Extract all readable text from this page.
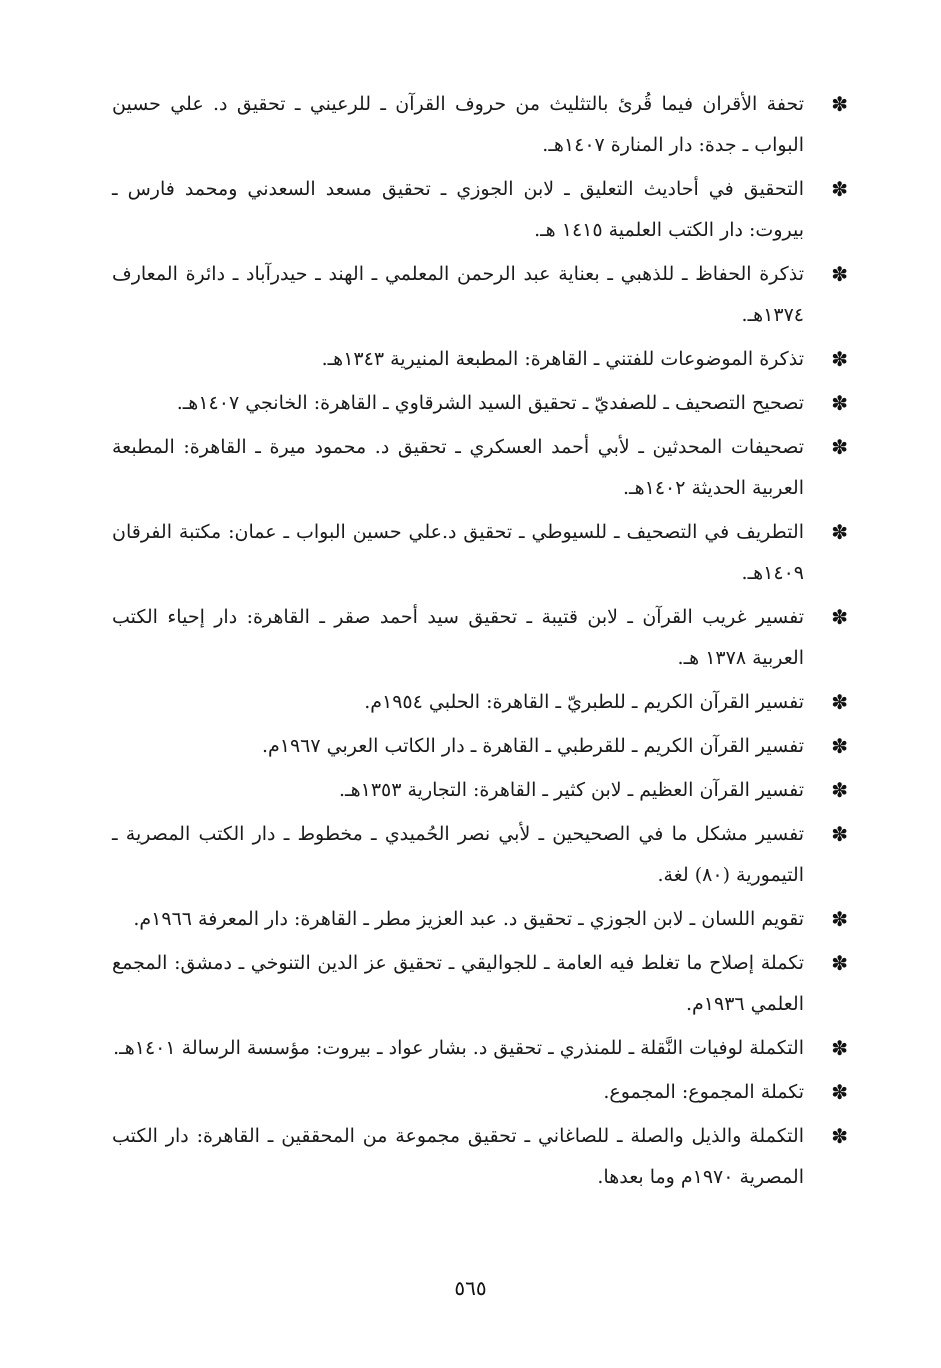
✽
تحفة الأقران فيما قُرئ بالتثليث من حروف القرآن ـ للرعيني ـ تحقيق د. علي حسين البواب ـ جدة: دار المنارة ١٤٠٧هـ.
✽
التحقيق في أحاديث التعليق ـ لابن الجوزي ـ تحقيق مسعد السعدني ومحمد فارس ـ بيروت: دار الكتب العلمية ١٤١٥ هـ.
✽
تذكرة الحفاظ ـ للذهبي ـ بعناية عبد الرحمن المعلمي ـ الهند ـ حيدرآباد ـ دائرة المعارف ١٣٧٤هـ.
✽
تذكرة الموضوعات للفتني ـ القاهرة: المطبعة المنيرية ١٣٤٣هـ.
✽
تصحيح التصحيف ـ للصفديّ ـ تحقيق السيد الشرقاوي ـ القاهرة: الخانجي ١٤٠٧هـ.
✽
تصحيفات المحدثين ـ لأبي أحمد العسكري ـ تحقيق د. محمود ميرة ـ القاهرة: المطبعة العربية الحديثة ١٤٠٢هـ.
✽
التطريف في التصحيف ـ للسيوطي ـ تحقيق د.علي حسين البواب ـ عمان: مكتبة الفرقان ١٤٠٩هـ.
✽
تفسير غريب القرآن ـ لابن قتيبة ـ تحقيق سيد أحمد صقر ـ القاهرة: دار إحياء الكتب العربية ١٣٧٨ هـ.
✽
تفسير القرآن الكريم ـ للطبريّ ـ القاهرة: الحلبي ١٩٥٤م.
✽
تفسير القرآن الكريم ـ للقرطبي ـ القاهرة ـ دار الكاتب العربي ١٩٦٧م.
✽
تفسير القرآن العظيم ـ لابن كثير ـ القاهرة: التجارية ١٣٥٣هـ.
✽
تفسير مشكل ما في الصحيحين ـ لأبي نصر الحُميدي ـ مخطوط ـ دار الكتب المصرية ـ التيمورية (٨٠) لغة.
✽
تقويم اللسان ـ لابن الجوزي ـ تحقيق د. عبد العزيز مطر ـ القاهرة: دار المعرفة ١٩٦٦م.
✽
تكملة إصلاح ما تغلط فيه العامة ـ للجواليقي ـ تحقيق عز الدين التنوخي ـ دمشق: المجمع العلمي ١٩٣٦م.
✽
التكملة لوفيات النَّقلة ـ للمنذري ـ تحقيق د. بشار عواد ـ بيروت: مؤسسة الرسالة ١٤٠١هـ.
✽
تكملة المجموع: المجموع.
✽
التكملة والذيل والصلة ـ للصاغاني ـ تحقيق مجموعة من المحققين ـ القاهرة: دار الكتب المصرية ١٩٧٠م وما بعدها.
٥٦٥
